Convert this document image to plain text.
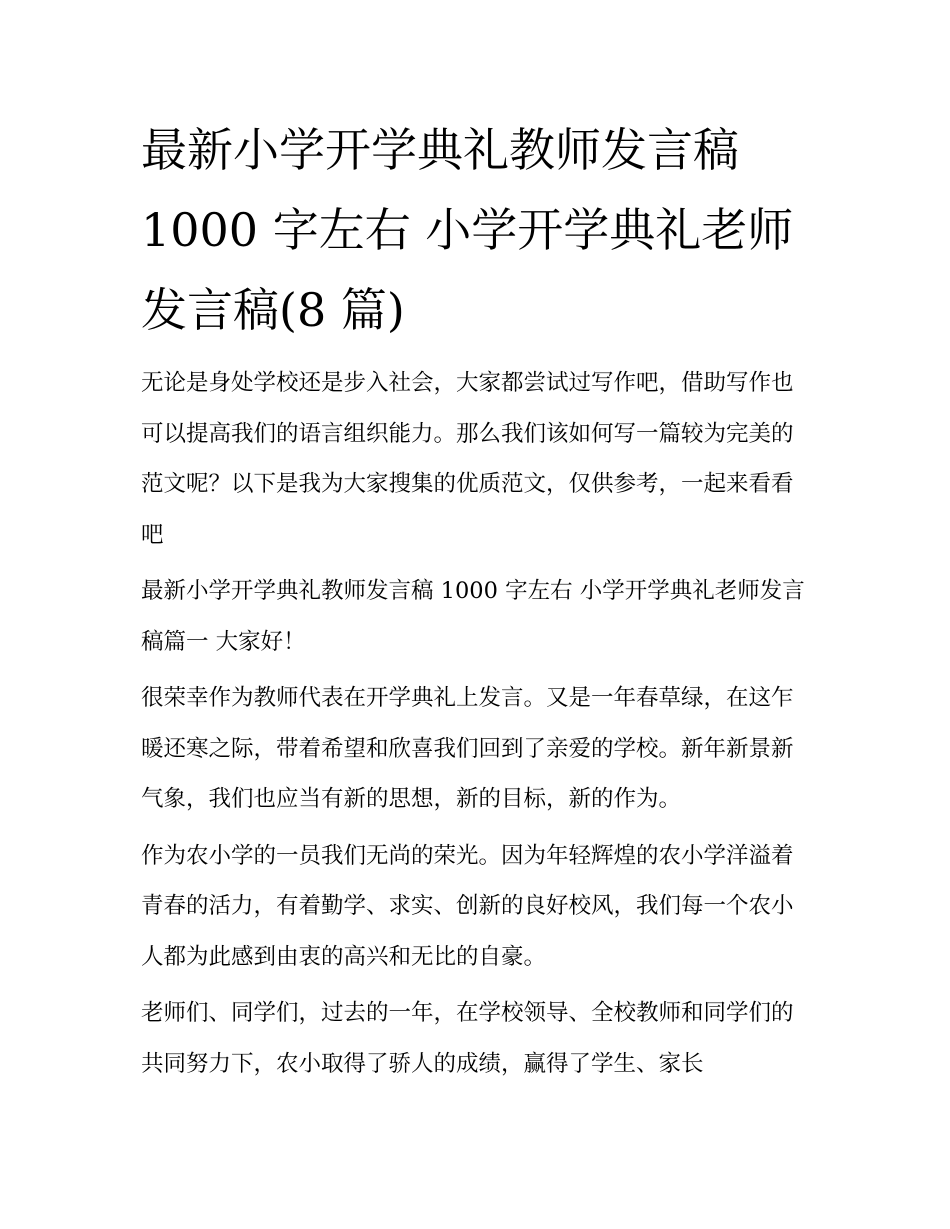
最新小学开学典礼教师发言稿 1000 字左右 小学开学典礼老师发言稿(8 篇)

无论是身处学校还是步入社会，大家都尝试过写作吧，借助写作也可以提高我们的语言组织能力。那么我们该如何写一篇较为完美的范文呢？以下是我为大家搜集的优质范文，仅供参考，一起来看看吧

最新小学开学典礼教师发言稿 1000 字左右 小学开学典礼老师发言稿篇一 大家好！

很荣幸作为教师代表在开学典礼上发言。又是一年春草绿，在这乍暖还寒之际，带着希望和欣喜我们回到了亲爱的学校。新年新景新气象，我们也应当有新的思想，新的目标，新的作为。

作为农小学的一员我们无尚的荣光。因为年轻辉煌的农小学洋溢着青春的活力，有着勤学、求实、创新的良好校风，我们每一个农小人都为此感到由衷的高兴和无比的自豪。

老师们、同学们，过去的一年，在学校领导、全校教师和同学们的共同努力下，农小取得了骄人的成绩，赢得了学生、家长
